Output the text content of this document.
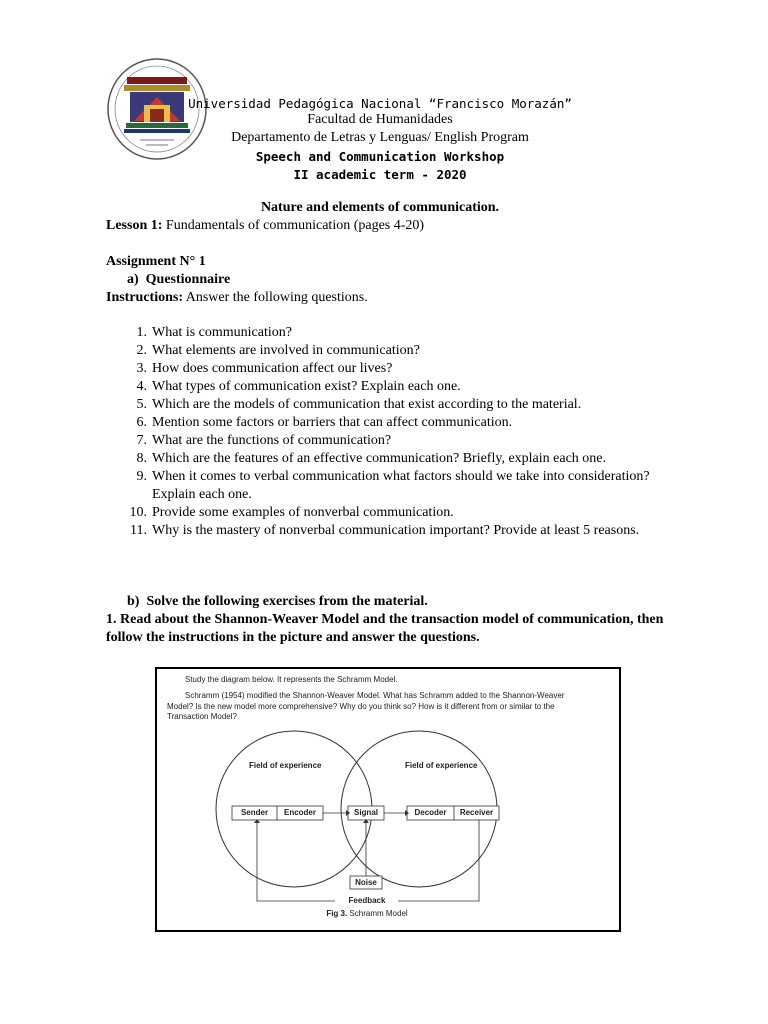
Universidad Pedagógica Nacional “Francisco Morazán”
Facultad de Humanidades
Departamento de Letras y Lenguas/ English Program
Speech and Communication Workshop
II academic term - 2020
Nature and elements of communication.
Lesson 1: Fundamentals of communication (pages 4-20)
Assignment N° 1
a)  Questionnaire
Instructions: Answer the following questions.
1. What is communication?
2. What elements are involved in communication?
3. How does communication affect our lives?
4. What types of communication exist? Explain each one.
5. Which are the models of communication that exist according to the material.
6. Mention some factors or barriers that can affect communication.
7. What are the functions of communication?
8. Which are the features of an effective communication? Briefly, explain each one.
9. When it comes to verbal communication what factors should we take into consideration? Explain each one.
10. Provide some examples of nonverbal communication.
11. Why is the mastery of nonverbal communication important? Provide at least 5 reasons.
b)  Solve the following exercises from the material.
1. Read about the Shannon-Weaver Model and the transaction model of communication, then follow the instructions in the picture and answer the questions.
Study the diagram below. It represents the Schramm Model.
Schramm (1954) modified the Shannon-Weaver Model. What has Schramm added to the Shannon-Weaver Model? Is the new model more comprehensive? Why do you think so? How is it different from or similar to the Transaction Model?
Field of experience	Field of experience
Sender	Encoder	Signal	Decoder	Receiver
Noise
Feedback
Fig 3. Schramm Model
